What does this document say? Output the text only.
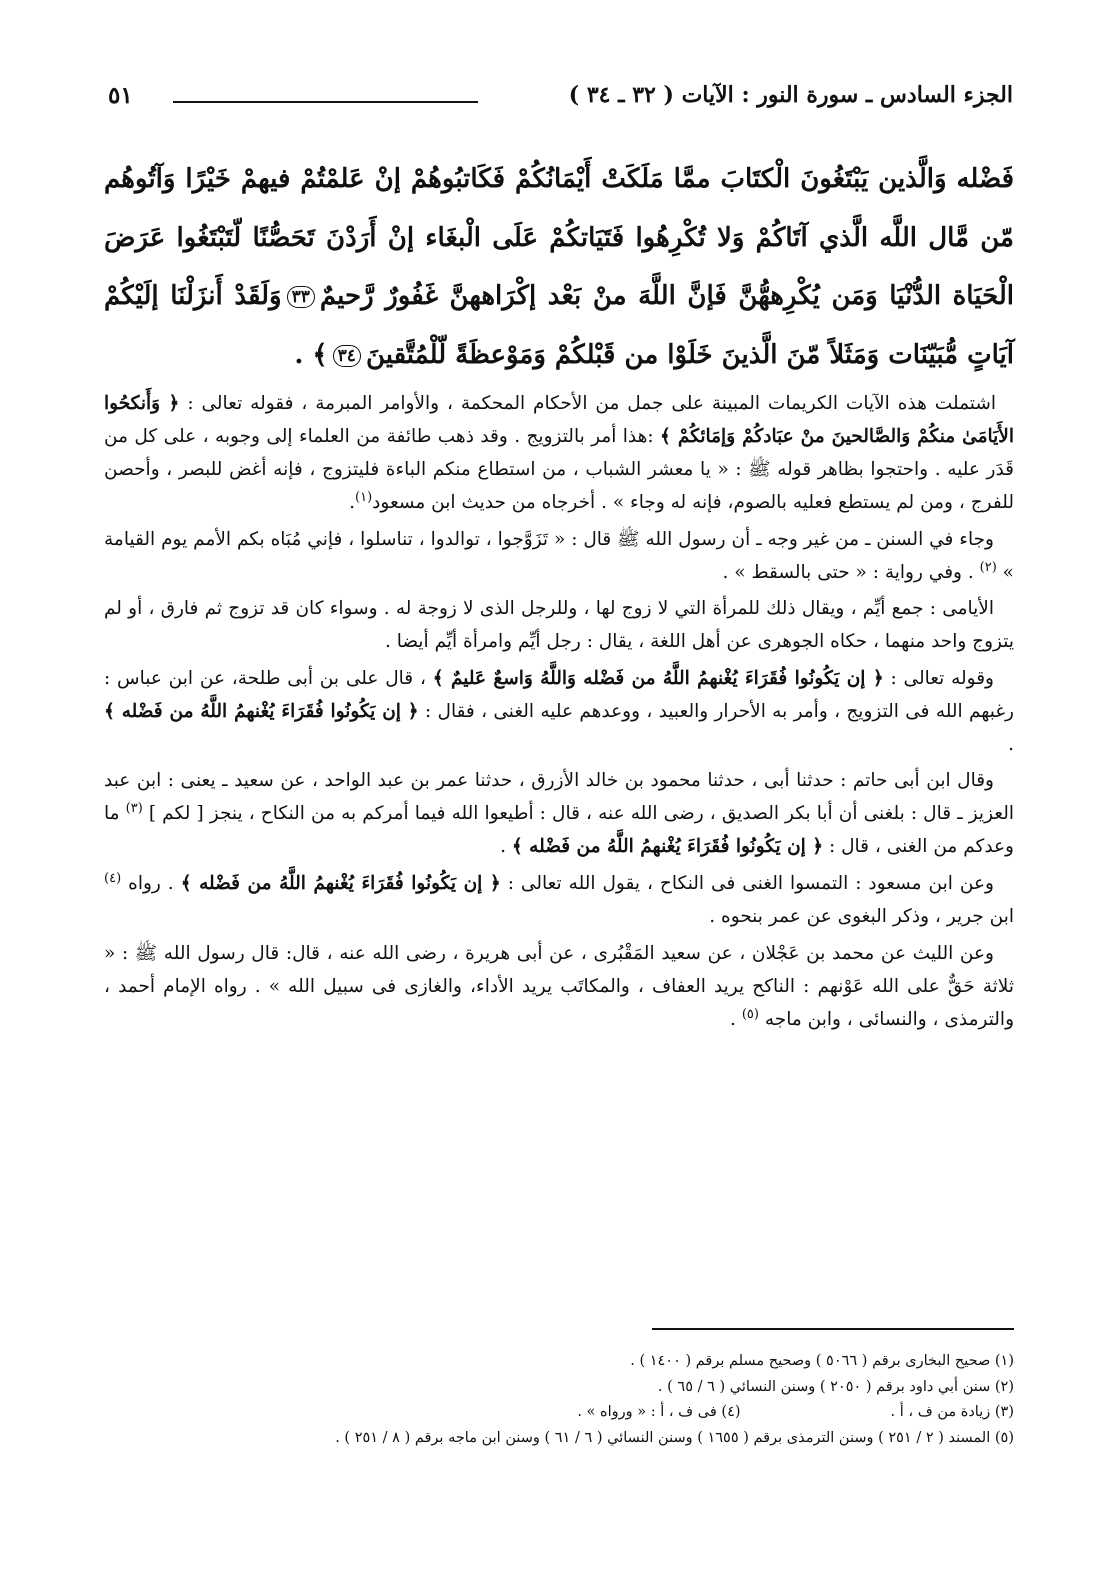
٥١	الجزء السادس ـ سورة النور : الآيات ( ٣٢ ـ ٣٤ )
فَضْله وَالَّذين يَبْتَغُونَ الْكتَابَ ممَّا مَلَكَتْ أَيْمَانُكُمْ فَكَاتبُوهُمْ إنْ عَلمْتُمْ فيهمْ خَيْرًا وَآتُوهُم مّن مَّال اللَّه الَّذي آتَاكُمْ وَلا تُكْرِهُوا فَتَيَاتكُمْ عَلَى الْبغَاء إنْ أَرَدْنَ تَحَصُّنًا لّتَبْتَغُوا عَرَضَ الْحَيَاة الدُّنْيَا وَمَن يُكْرِههُّنَّ فَإنَّ اللَّهَ منْ بَعْد إكْرَاههنَّ غَفُورٌ رَّحيمٌ٣٣وَلَقَدْ أَنزَلْنَا إلَيْكُمْ آيَاتٍ مُّبَيّنَات وَمَثَلاً مّنَ الَّذينَ خَلَوْا من قَبْلكُمْ وَمَوْعظَةً لّلْمُتَّقينَ٣٤﴾ .

اشتملت هذه الآيات الكريمات المبينة على جمل من الأحكام المحكمة ، والأوامر المبرمة ، فقوله تعالى : ﴿ وَأَنكحُوا الأَيَامَىٰ منكُمْ وَالصَّالحينَ منْ عبَادكُمْ وَإمَائكُمْ ﴾ :هذا أمر بالتزويج . وقد ذهب طائفة من العلماء إلى وجوبه ، على كل من قَدَر عليه . واحتجوا بظاهر قوله ﷺ : « يا معشر الشباب ، من استطاع منكم الباءة فليتزوج ، فإنه أغض للبصر ، وأحصن للفرج ، ومن لم يستطع فعليه بالصوم، فإنه له وجاء » . أخرجاه من حديث ابن مسعود$^{(١)}$.

وجاء في السنن ـ من غير وجه ـ أن رسول الله ﷺ قال : « تَزَوَّجوا ، توالدوا ، تناسلوا ، فإني مُبَاه بكم الأمم يوم القيامة » $^{(٢)}$ . وفي رواية : « حتى بالسقط » .

الأيامى : جمع أيِّم ، ويقال ذلك للمرأة التي لا زوج لها ، وللرجل الذى لا زوجة له . وسواء كان قد تزوج ثم فارق ، أو لم يتزوج واحد منهما ، حكاه الجوهرى عن أهل اللغة ، يقال : رجل أيِّم وامرأة أيِّم أيضا .

وقوله تعالى : ﴿ إن يَكُونُوا فُقَرَاءَ يُغْنهمُ اللَّهُ من فَضْله وَاللَّهُ وَاسعٌ عَليمٌ ﴾ ، قال على بن أبى طلحة، عن ابن عباس : رغبهم الله فى التزويج ، وأمر به الأحرار والعبيد ، ووعدهم عليه الغنى ، فقال : ﴿ إن يَكُونُوا فُقَرَاءَ يُغْنهمُ اللَّهُ من فَضْله ﴾ .

وقال ابن أبى حاتم : حدثنا أبى ، حدثنا محمود بن خالد الأزرق ، حدثنا عمر بن عبد الواحد ، عن سعيد ـ يعنى : ابن عبد العزيز ـ قال : بلغنى أن أبا بكر الصديق ، رضى الله عنه ، قال : أطيعوا الله فيما أمركم به من النكاح ، ينجز [ لكم ] $^{(٣)}$ ما وعدكم من الغنى ، قال : ﴿ إن يَكُونُوا فُقَرَاءَ يُغْنهمُ اللَّهُ من فَضْله ﴾ .

وعن ابن مسعود : التمسوا الغنى فى النكاح ، يقول الله تعالى : ﴿ إن يَكُونُوا فُقَرَاءَ يُغْنهمُ اللَّهُ من فَضْله ﴾ . رواه $^{(٤)}$ ابن جرير ، وذكر البغوى عن عمر بنحوه .

وعن الليث عن محمد بن عَجْلان ، عن سعيد المَقْبُرى ، عن أبى هريرة ، رضى الله عنه ، قال: قال رسول الله ﷺ : « ثلاثة حَقٌّ على الله عَوْنهم : الناكح يريد العفاف ، والمكاتَب يريد الأداء، والغازى فى سبيل الله » . رواه الإمام أحمد ، والترمذى ، والنسائى ، وابن ماجه $^{(٥)}$ .

(١) صحيح البخارى برقم ( ٥٠٦٦ ) وصحيح مسلم برقم ( ١٤٠٠ ) .
(٢) سنن أبي داود برقم ( ٢٠٥٠ ) وسنن النسائي ( ٦ / ٦٥ ) .
(٣) زيادة من ف ، أ .
(٤) فى ف ، أ : « ورواه » .
(٥) المسند ( ٢ / ٢٥١ ) وسنن الترمذى برقم ( ١٦٥٥ ) وسنن النسائي ( ٦ / ٦١ ) وسنن ابن ماجه برقم ( ٨ / ٢٥١ ) .
